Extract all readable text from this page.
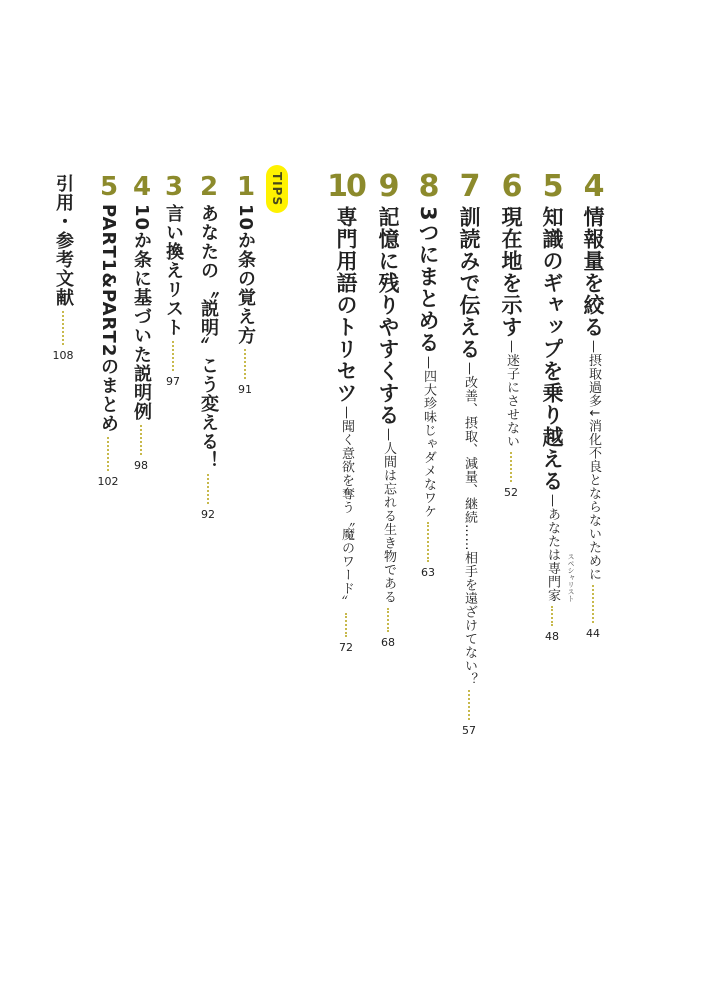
4
情報量を絞る
—摂取過多↓消化不良とならないために
44
5
知識のギャップを乗り越える
—あなたは専門家 スペシャリスト
48
6
現在地を示す
—迷子にさせない
52
7
訓読みで伝える
—改善、摂取、減量、継続……相手を遠ざけてない？
57
8
3つにまとめる
—四大珍味じゃダメなワケ
63
9
記憶に残りやすくする
—人間は忘れる生き物である
68
10
専門用語のトリセツ
—聞く意欲を奪う〝魔のワード〟
72
TIPS
1
10か条の覚え方
91
2
あなたの〝説明〟こう変える！
92
3
言い換えリスト
97
4
10か条に基づいた説明例
98
5
PART1&PART2のまとめ
102
引用・参考文献
108
